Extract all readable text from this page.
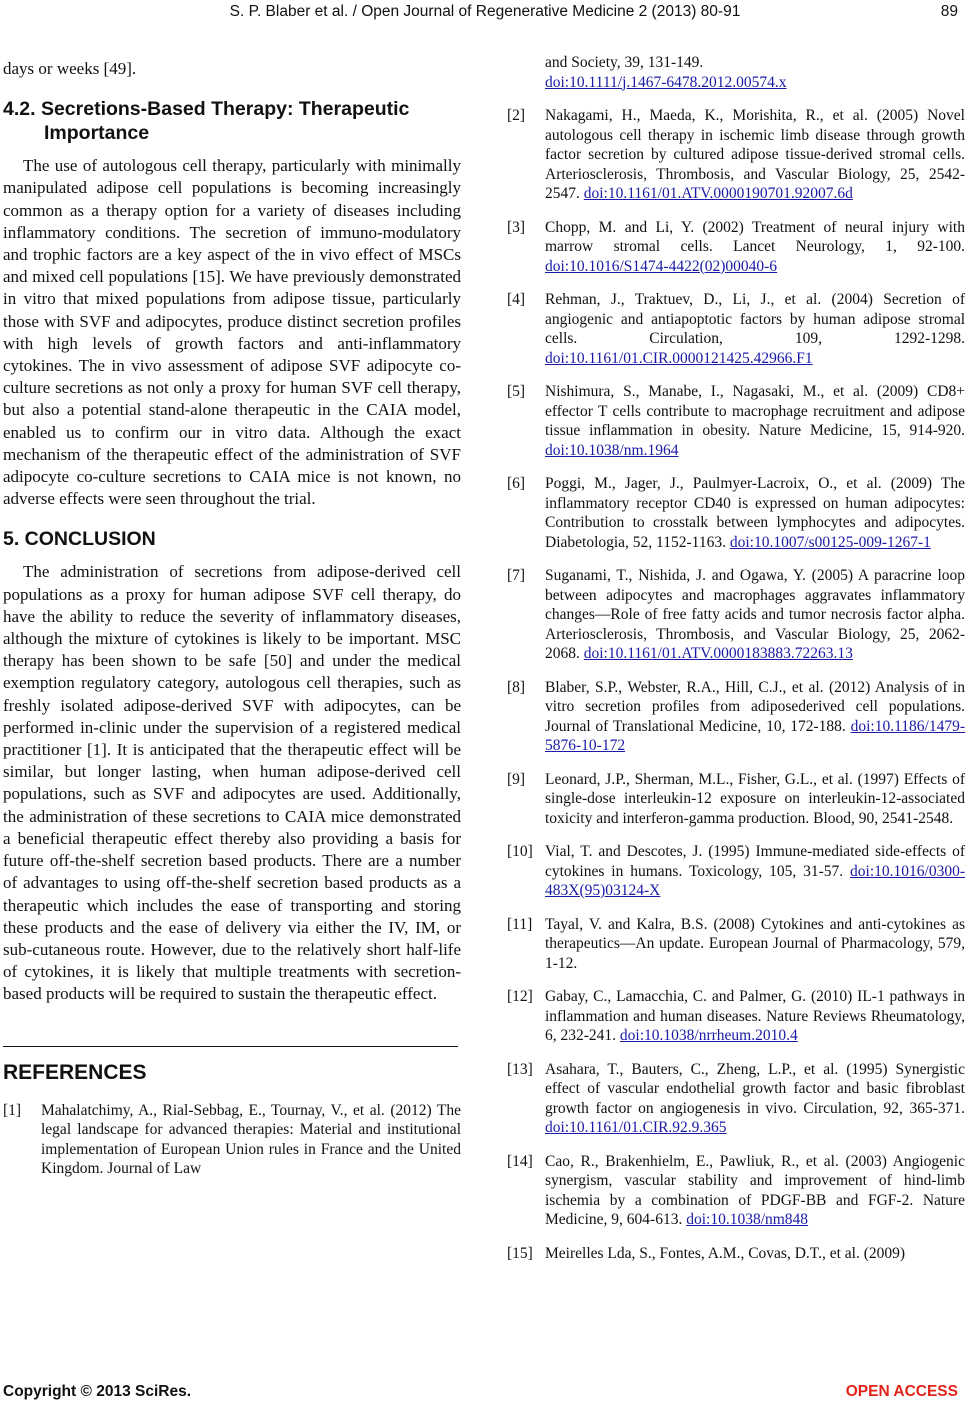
S. P. Blaber et al. / Open Journal of Regenerative Medicine 2 (2013) 80-91	89

days or weeks [49].

4.2. Secretions-Based Therapy: Therapeutic
Importance

The use of autologous cell therapy, particularly with minimally manipulated adipose cell populations is becoming increasingly common as a therapy option for a variety of diseases including inflammatory conditions. The secretion of immuno-modulatory and trophic factors are a key aspect of the in vivo effect of MSCs and mixed cell populations [15]. We have previously demonstrated in vitro that mixed populations from adipose tissue, particularly those with SVF and adipocytes, produce distinct secretion profiles with high levels of growth factors and anti-inflammatory cytokines. The in vivo assessment of adipose SVF adipocyte co-culture secretions as not only a proxy for human SVF cell therapy, but also a potential stand-alone therapeutic in the CAIA model, enabled us to confirm our in vitro data. Although the exact mechanism of the therapeutic effect of the administration of SVF adipocyte co-culture secretions to CAIA mice is not known, no adverse effects were seen throughout the trial.

5. CONCLUSION

The administration of secretions from adipose-derived cell populations as a proxy for human adipose SVF cell therapy, do have the ability to reduce the severity of inflammatory diseases, although the mixture of cytokines is likely to be important. MSC therapy has been shown to be safe [50] and under the medical exemption regulatory category, autologous cell therapies, such as freshly isolated adipose-derived SVF with adipocytes, can be performed in-clinic under the supervision of a registered medical practitioner [1]. It is anticipated that the therapeutic effect will be similar, but longer lasting, when human adipose-derived cell populations, such as SVF and adipocytes are used. Additionally, the administration of these secretions to CAIA mice demonstrated a beneficial therapeutic effect thereby also providing a basis for future off-the-shelf secretion based products. There are a number of advantages to using off-the-shelf secretion based products as a therapeutic which includes the ease of transporting and storing these products and the ease of delivery via either the IV, IM, or sub-cutaneous route. However, due to the relatively short half-life of cytokines, it is likely that multiple treatments with secretion-based products will be required to sustain the therapeutic effect.

REFERENCES
[1]	Mahalatchimy, A., Rial-Sebbag, E., Tournay, V., et al. (2012) The legal landscape for advanced therapies: Material and institutional implementation of European Union rules in France and the United Kingdom. Journal of Law
and Society, 39, 131-149.
doi:10.1111/j.1467-6478.2012.00574.x
[2]	Nakagami, H., Maeda, K., Morishita, R., et al. (2005) Novel autologous cell therapy in ischemic limb disease through growth factor secretion by cultured adipose tissue-derived stromal cells. Arteriosclerosis, Thrombosis, and Vascular Biology, 25, 2542-2547. doi:10.1161/01.ATV.0000190701.92007.6d
[3]	Chopp, M. and Li, Y. (2002) Treatment of neural injury with marrow stromal cells. Lancet Neurology, 1, 92-100. doi:10.1016/S1474-4422(02)00040-6
[4]	Rehman, J., Traktuev, D., Li, J., et al. (2004) Secretion of angiogenic and antiapoptotic factors by human adipose stromal cells. Circulation, 109, 1292-1298. doi:10.1161/01.CIR.0000121425.42966.F1
[5]	Nishimura, S., Manabe, I., Nagasaki, M., et al. (2009) CD8+ effector T cells contribute to macrophage recruitment and adipose tissue inflammation in obesity. Nature Medicine, 15, 914-920. doi:10.1038/nm.1964
[6]	Poggi, M., Jager, J., Paulmyer-Lacroix, O., et al. (2009) The inflammatory receptor CD40 is expressed on human adipocytes: Contribution to crosstalk between lymphocytes and adipocytes. Diabetologia, 52, 1152-1163. doi:10.1007/s00125-009-1267-1
[7]	Suganami, T., Nishida, J. and Ogawa, Y. (2005) A paracrine loop between adipocytes and macrophages aggravates inflammatory changes—Role of free fatty acids and tumor necrosis factor alpha. Arteriosclerosis, Thrombosis, and Vascular Biology, 25, 2062-2068. doi:10.1161/01.ATV.0000183883.72263.13
[8]	Blaber, S.P., Webster, R.A., Hill, C.J., et al. (2012) Analysis of in vitro secretion profiles from adiposederived cell populations. Journal of Translational Medicine, 10, 172-188. doi:10.1186/1479-5876-10-172
[9]	Leonard, J.P., Sherman, M.L., Fisher, G.L., et al. (1997) Effects of single-dose interleukin-12 exposure on interleukin-12-associated toxicity and interferon-gamma production. Blood, 90, 2541-2548.
[10] Vial, T. and Descotes, J. (1995) Immune-mediated side-effects of cytokines in humans. Toxicology, 105, 31-57. doi:10.1016/0300-483X(95)03124-X
[11] Tayal, V. and Kalra, B.S. (2008) Cytokines and anti-cytokines as therapeutics—An update. European Journal of Pharmacology, 579, 1-12.
[12] Gabay, C., Lamacchia, C. and Palmer, G. (2010) IL-1 pathways in inflammation and human diseases. Nature Reviews Rheumatology, 6, 232-241. doi:10.1038/nrrheum.2010.4
[13] Asahara, T., Bauters, C., Zheng, L.P., et al. (1995) Synergistic effect of vascular endothelial growth factor and basic fibroblast growth factor on angiogenesis in vivo. Circulation, 92, 365-371. doi:10.1161/01.CIR.92.9.365
[14] Cao, R., Brakenhielm, E., Pawliuk, R., et al. (2003) Angiogenic synergism, vascular stability and improvement of hind-limb ischemia by a combination of PDGF-BB and FGF-2. Nature Medicine, 9, 604-613. doi:10.1038/nm848
[15] Meirelles Lda, S., Fontes, A.M., Covas, D.T., et al. (2009)
Copyright © 2013 SciRes.	OPEN ACCESS
